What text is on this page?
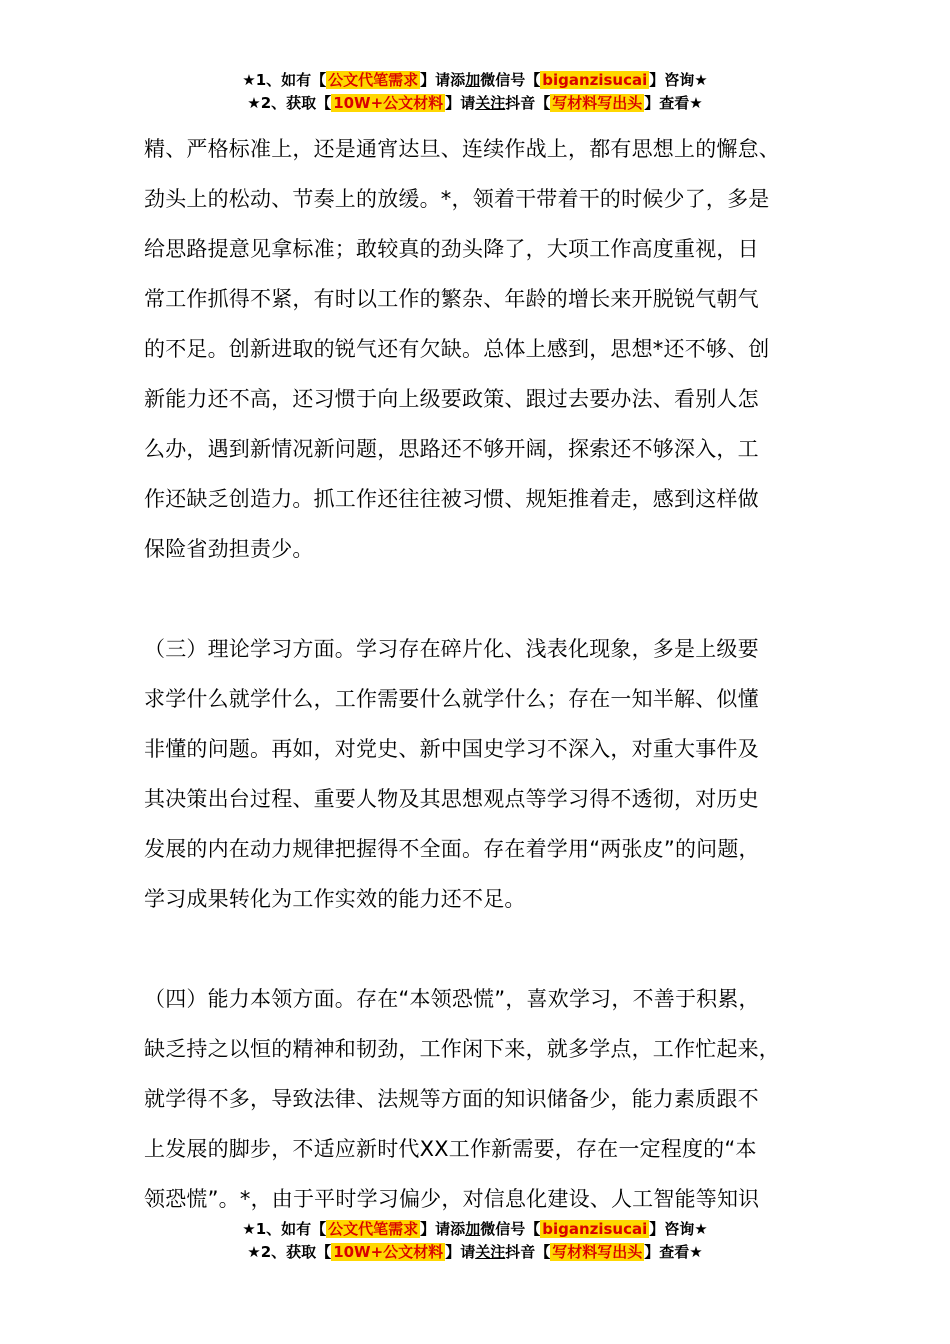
★1、如有【 公文代笔需求 】请添加微信号【 biganzisucai 】咨询★
★2、获取【 10W+公文材料 】请关注抖音【 写材料写出头 】查看★
精、严格标准上，还是通宵达旦、连续作战上，都有思想上的懈怠、
劲头上的松动、节奏上的放缓。*，领着干带着干的时候少了，多是
给思路提意见拿标准；敢较真的劲头降了，大项工作高度重视，日
常工作抓得不紧，有时以工作的繁杂、年龄的增长来开脱锐气朝气
的不足。创新进取的锐气还有欠缺。总体上感到，思想*还不够、创
新能力还不高，还习惯于向上级要政策、跟过去要办法、看别人怎
么办，遇到新情况新问题，思路还不够开阔，探索还不够深入，工
作还缺乏创造力。抓工作还往往被习惯、规矩推着走，感到这样做
保险省劲担责少。
（三）理论学习方面。学习存在碎片化、浅表化现象，多是上级要
求学什么就学什么，工作需要什么就学什么；存在一知半解、似懂
非懂的问题。再如，对党史、新中国史学习不深入，对重大事件及
其决策出台过程、重要人物及其思想观点等学习得不透彻，对历史
发展的内在动力规律把握得不全面。存在着学用“两张皮”的问题，
学习成果转化为工作实效的能力还不足。
（四）能力本领方面。存在“本领恐慌”，喜欢学习，不善于积累，
缺乏持之以恒的精神和韧劲，工作闲下来，就多学点，工作忙起来，
就学得不多，导致法律、法规等方面的知识储备少，能力素质跟不
上发展的脚步，不适应新时代XX工作新需要，存在一定程度的“本
领恐慌”。*，由于平时学习偏少，对信息化建设、人工智能等知识
★1、如有【 公文代笔需求 】请添加微信号【 biganzisucai 】咨询★
★2、获取【 10W+公文材料 】请关注抖音【 写材料写出头 】查看★
